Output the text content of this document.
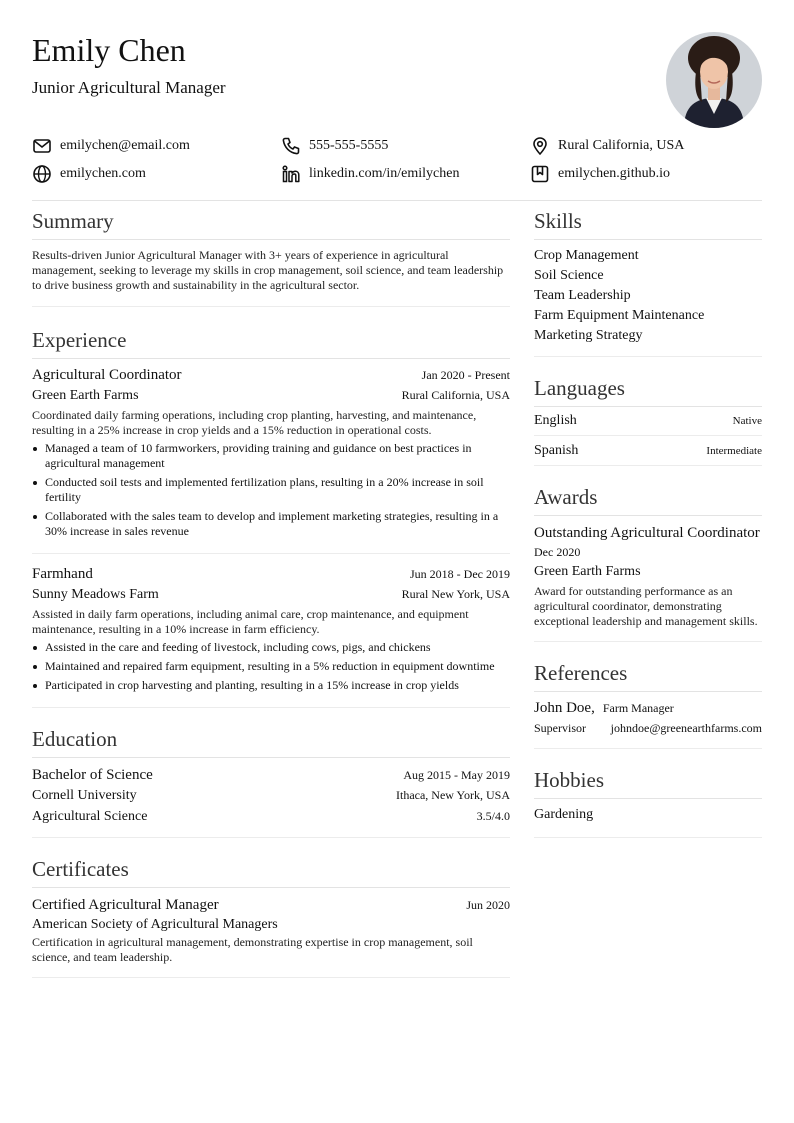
Emily Chen
Junior Agricultural Manager
emilychen@email.com	555-555-5555	Rural California, USA
emilychen.com	linkedin.com/in/emilychen	emilychen.github.io
Summary

Results-driven Junior Agricultural Manager with 3+ years of experience in agricultural management, seeking to leverage my skills in crop management, soil science, and team leadership to drive business growth and sustainability in the agricultural sector.

Experience
Agricultural Coordinator	Jan 2020 - Present
Green Earth Farms	Rural California, USA

Coordinated daily farming operations, including crop planting, harvesting, and maintenance, resulting in a 25% increase in crop yields and a 15% reduction in operational costs.

Managed a team of 10 farmworkers, providing training and guidance on best practices in agricultural management
Conducted soil tests and implemented fertilization plans, resulting in a 20% increase in soil fertility
Collaborated with the sales team to develop and implement marketing strategies, resulting in a 30% increase in sales revenue
Farmhand	Jun 2018 - Dec 2019
Sunny Meadows Farm	Rural New York, USA

Assisted in daily farm operations, including animal care, crop maintenance, and equipment maintenance, resulting in a 10% increase in farm efficiency.

Assisted in the care and feeding of livestock, including cows, pigs, and chickens
Maintained and repaired farm equipment, resulting in a 5% reduction in equipment downtime
Participated in crop harvesting and planting, resulting in a 15% increase in crop yields
Education
Bachelor of Science	Aug 2015 - May 2019
Cornell University	Ithaca, New York, USA
Agricultural Science	3.5/4.0
Certificates
Certified Agricultural Manager	Jun 2020
American Society of Agricultural Managers

Certification in agricultural management, demonstrating expertise in crop management, soil science, and team leadership.

Skills
Crop Management
Soil Science
Team Leadership
Farm Equipment Maintenance
Marketing Strategy
Languages
English	Native
Spanish	Intermediate
Awards
Outstanding Agricultural Coordinator
Dec 2020
Green Earth Farms

Award for outstanding performance as an agricultural coordinator, demonstrating exceptional leadership and management skills.

References
John Doe, Farm Manager
Supervisor johndoe@greenearthfarms.com
Hobbies
Gardening
